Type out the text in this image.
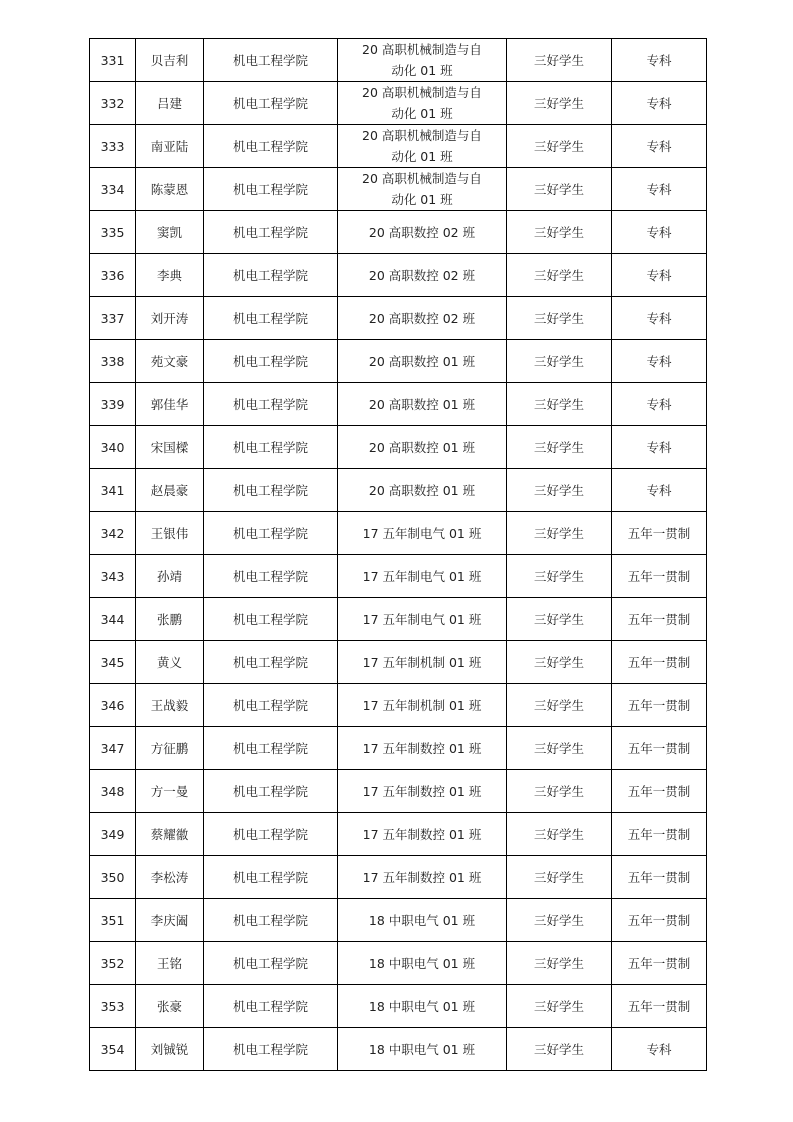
331	贝吉利	机电工程学院	20 高职机械制造与自动化 01 班	三好学生	专科
332	吕建	机电工程学院	20 高职机械制造与自动化 01 班	三好学生	专科
333	南亚陆	机电工程学院	20 高职机械制造与自动化 01 班	三好学生	专科
334	陈蒙恩	机电工程学院	20 高职机械制造与自动化 01 班	三好学生	专科
335	窦凯	机电工程学院	20 高职数控 02 班	三好学生	专科
336	李典	机电工程学院	20 高职数控 02 班	三好学生	专科
337	刘开涛	机电工程学院	20 高职数控 02 班	三好学生	专科
338	苑文豪	机电工程学院	20 高职数控 01 班	三好学生	专科
339	郭佳华	机电工程学院	20 高职数控 01 班	三好学生	专科
340	宋国樑	机电工程学院	20 高职数控 01 班	三好学生	专科
341	赵晨豪	机电工程学院	20 高职数控 01 班	三好学生	专科
342	王银伟	机电工程学院	17 五年制电气 01 班	三好学生	五年一贯制
343	孙靖	机电工程学院	17 五年制电气 01 班	三好学生	五年一贯制
344	张鹏	机电工程学院	17 五年制电气 01 班	三好学生	五年一贯制
345	黄义	机电工程学院	17 五年制机制 01 班	三好学生	五年一贯制
346	王战毅	机电工程学院	17 五年制机制 01 班	三好学生	五年一贯制
347	方征鹏	机电工程学院	17 五年制数控 01 班	三好学生	五年一贯制
348	方一曼	机电工程学院	17 五年制数控 01 班	三好学生	五年一贯制
349	蔡耀徽	机电工程学院	17 五年制数控 01 班	三好学生	五年一贯制
350	李松涛	机电工程学院	17 五年制数控 01 班	三好学生	五年一贯制
351	李庆阖	机电工程学院	18 中职电气 01 班	三好学生	五年一贯制
352	王铭	机电工程学院	18 中职电气 01 班	三好学生	五年一贯制
353	张豪	机电工程学院	18 中职电气 01 班	三好学生	五年一贯制
354	刘铖锐	机电工程学院	18 中职电气 01 班	三好学生	专科
